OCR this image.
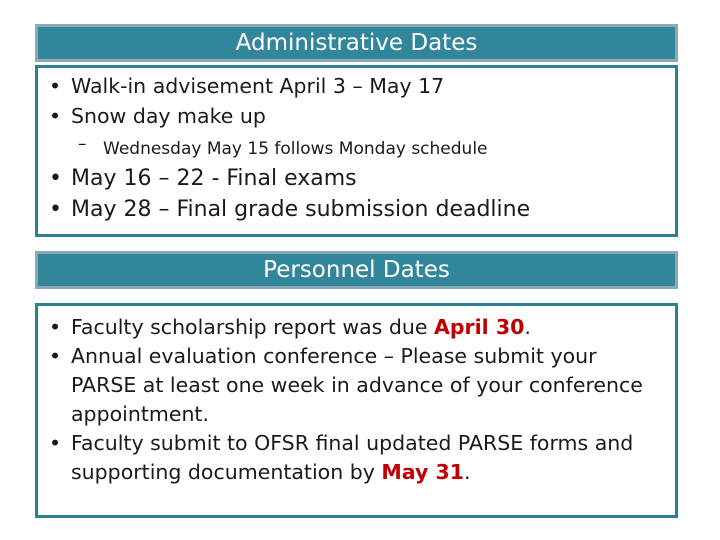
Administrative Dates
• Walk-in advisement April 3 – May 17
• Snow day make up
– Wednesday May 15 follows Monday schedule
• May 16 – 22 - Final exams
• May 28 – Final grade submission deadline
Personnel Dates
• Faculty scholarship report was due April 30.
• Annual evaluation conference – Please submit your PARSE at least one week in advance of your conference appointment.
• Faculty submit to OFSR final updated PARSE forms and supporting documentation by May 31.
